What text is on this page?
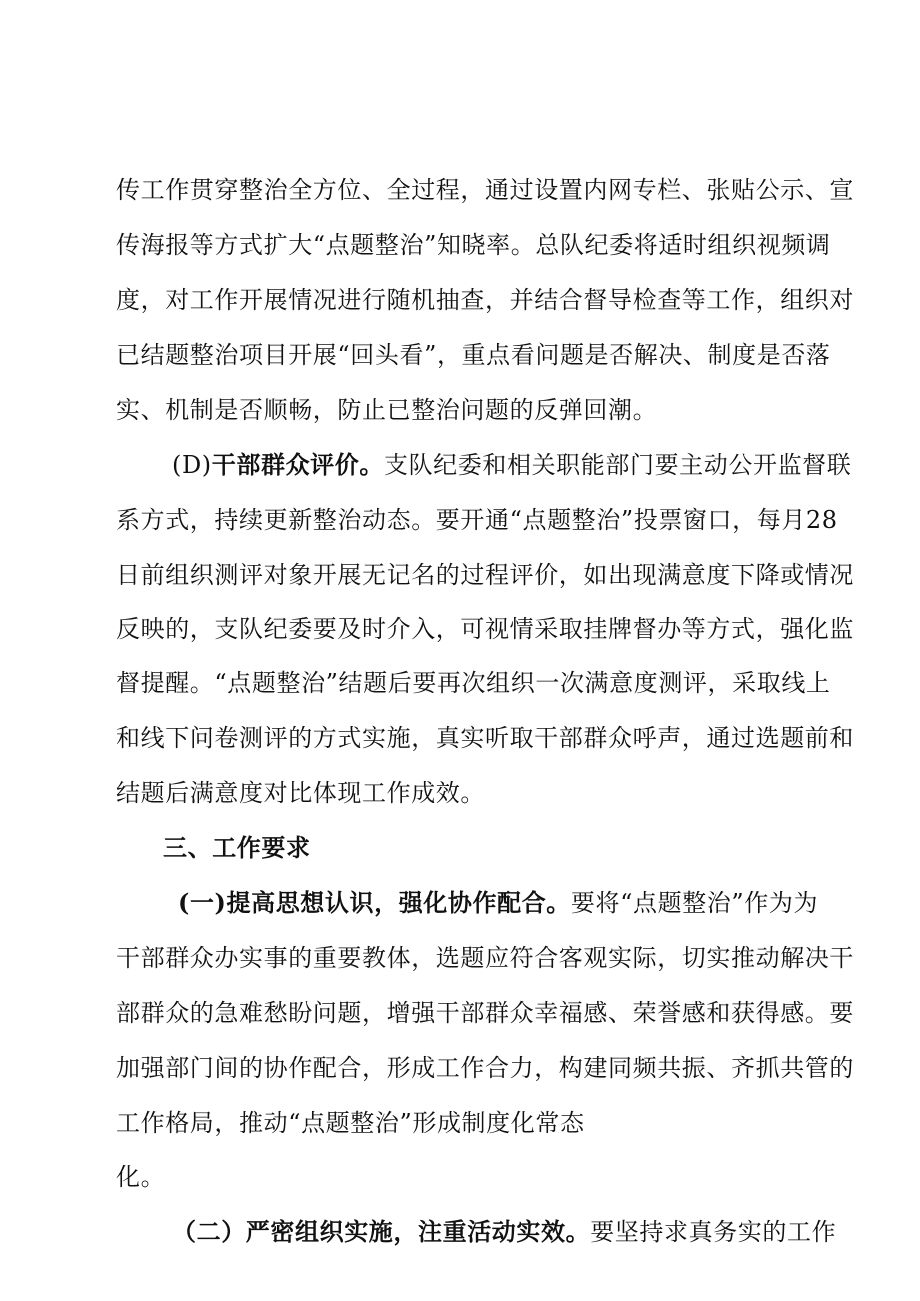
传工作贯穿整治全方位、全过程，通过设置内网专栏、张贴公示、宣
传海报等方式扩大“点题整治”知晓率。总队纪委将适时组织视频调
度，对工作开展情况进行随机抽查，并结合督导检查等工作，组织对
已结题整治项目开展“回头看”，重点看问题是否解决、制度是否落
实、机制是否顺畅，防止已整治问题的反弹回潮。
(D)干部群众评价。 支队纪委和相关职能部门要主动公开监督联
系方式，持续更新整治动态。要开通“点题整治”投票窗口，每月28
日前组织测评对象开展无记名的过程评价，如出现满意度下降或情况
反映的，支队纪委要及时介入，可视情采取挂牌督办等方式，强化监
督提醒。“点题整治”结题后要再次组织一次满意度测评，采取线上
和线下问卷测评的方式实施，真实听取干部群众呼声，通过选题前和
结题后满意度对比体现工作成效。
三、工作要求
(一)提高思想认识，强化协作配合。 要将“点题整治”作为为
干部群众办实事的重要教体，选题应符合客观实际，切实推动解决干
部群众的急难愁盼问题，增强干部群众幸福感、荣誉感和获得感。要
加强部门间的协作配合，形成工作合力，构建同频共振、齐抓共管的
工作格局，推动“点题整治”形成制度化常态
化。
（二）严密组织实施，注重活动实效。 要坚持求真务实的工作
